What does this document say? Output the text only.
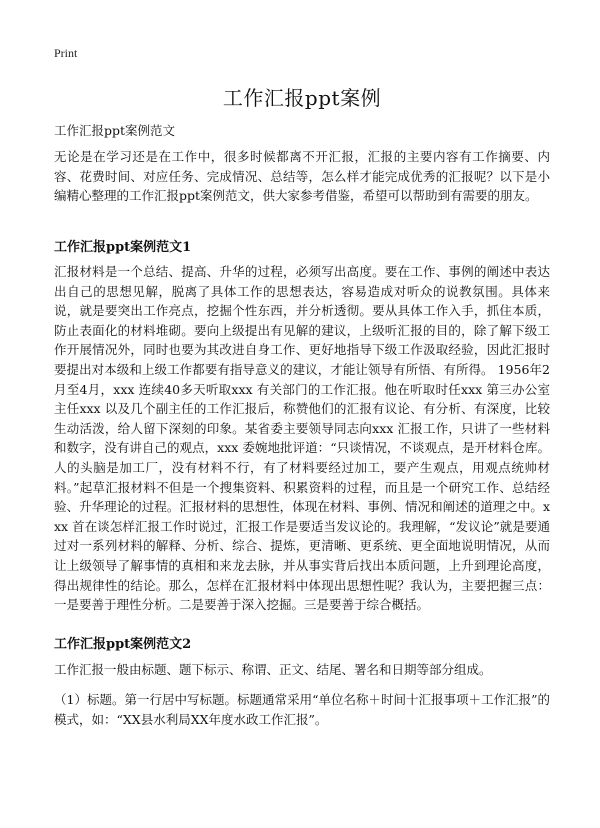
Print
工作汇报ppt案例
工作汇报ppt案例范文
无论是在学习还是在工作中，很多时候都离不开汇报，汇报的主要内容有工作摘要、内容、花费时间、对应任务、完成情况、总结等，怎么样才能完成优秀的汇报呢？以下是小编精心整理的工作汇报ppt案例范文，供大家参考借鉴，希望可以帮助到有需要的朋友。
工作汇报ppt案例范文1
汇报材料是一个总结、提高、升华的过程，必须写出高度。要在工作、事例的阐述中表达出自己的思想见解，脱离了具体工作的思想表达，容易造成对听众的说教氛围。具体来说，就是要突出工作亮点，挖掘个性东西，并分析透彻。要从具体工作入手，抓住本质，防止表面化的材料堆砌。要向上级提出有见解的建议，上级听汇报的目的，除了解下级工作开展情况外，同时也要为其改进自身工作、更好地指导下级工作汲取经验，因此汇报时要提出对本级和上级工作都要有指导意义的建议，才能让领导有所悟、有所得。 1956年2月至4月，xxx 连续40多天听取xxx 有关部门的工作汇报。他在听取时任xxx 第三办公室主任xxx 以及几个副主任的工作汇报后，称赞他们的汇报有议论、有分析、有深度，比较生动活泼，给人留下深刻的印象。某省委主要领导同志向xxx 汇报工作，只讲了一些材料和数字，没有讲自己的观点，xxx 委婉地批评道：“只谈情况，不谈观点，是开材料仓库。人的头脑是加工厂，没有材料不行，有了材料要经过加工，要产生观点，用观点统帅材料。”起草汇报材料不但是一个搜集资料、积累资料的过程，而且是一个研究工作、总结经验、升华理论的过程。汇报材料的思想性，体现在材料、事例、情况和阐述的道理之中。xxx 首在谈怎样汇报工作时说过，汇报工作是要适当发议论的。我理解，“发议论”就是要通过对一系列材料的解释、分析、综合、提炼，更清晰、更系统、更全面地说明情况，从而让上级领导了解事情的真相和来龙去脉，并从事实背后找出本质问题，上升到理论高度，得出规律性的结论。那么，怎样在汇报材料中体现出思想性呢？我认为，主要把握三点：一是要善于理性分析。二是要善于深入挖掘。三是要善于综合概括。
工作汇报ppt案例范文2
工作汇报一般由标题、题下标示、称谓、正文、结尾、署名和日期等部分组成。
（1）标题。第一行居中写标题。标题通常采用“单位名称＋时间十汇报事项＋工作汇报”的模式，如：“XX县水利局XX年度水政工作汇报”。
